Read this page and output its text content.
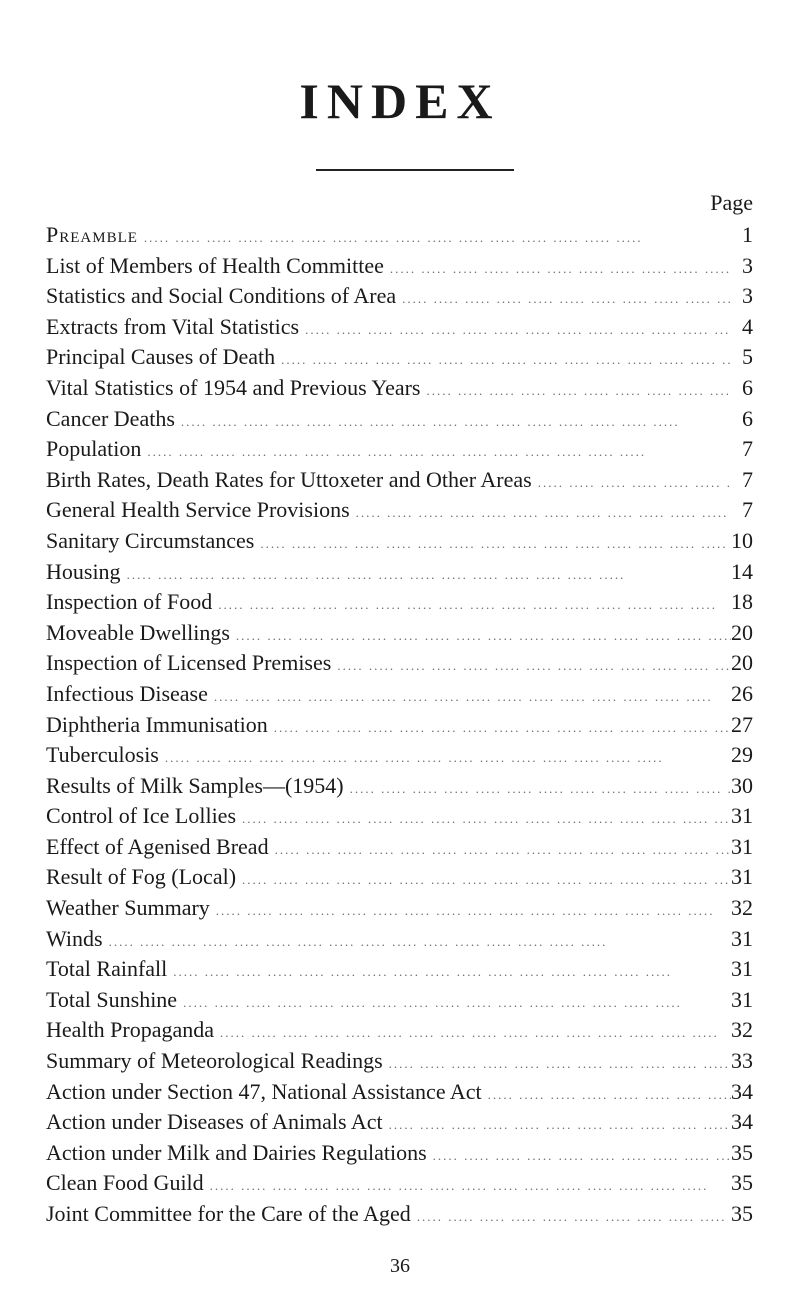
INDEX
Page
Preamble .....	1
List of Members of Health Committee .....	3
Statistics and Social Conditions of Area .....	3
Extracts from Vital Statistics .....	4
Principal Causes of Death .....	5
Vital Statistics of 1954 and Previous Years .....	6
Cancer Deaths .....	6
Population .....	7
Birth Rates, Death Rates for Uttoxeter and Other Areas .....	7
General Health Service Provisions .....	7
Sanitary Circumstances .....	10
Housing .....	14
Inspection of Food .....	18
Moveable Dwellings .....	20
Inspection of Licensed Premises .....	20
Infectious Disease .....	26
Diphtheria Immunisation .....	27
Tuberculosis .....	29
Results of Milk Samples—(1954) .....	30
Control of Ice Lollies .....	31
Effect of Agenised Bread .....	31
Result of Fog (Local) .....	31
Weather Summary .....	32
Winds .....	31
Total Rainfall .....	31
Total Sunshine .....	31
Health Propaganda .....	32
Summary of Meteorological Readings .....	33
Action under Section 47, National Assistance Act .....	34
Action under Diseases of Animals Act .....	34
Action under Milk and Dairies Regulations .....	35
Clean Food Guild .....	35
Joint Committee for the Care of the Aged .....	35
36
